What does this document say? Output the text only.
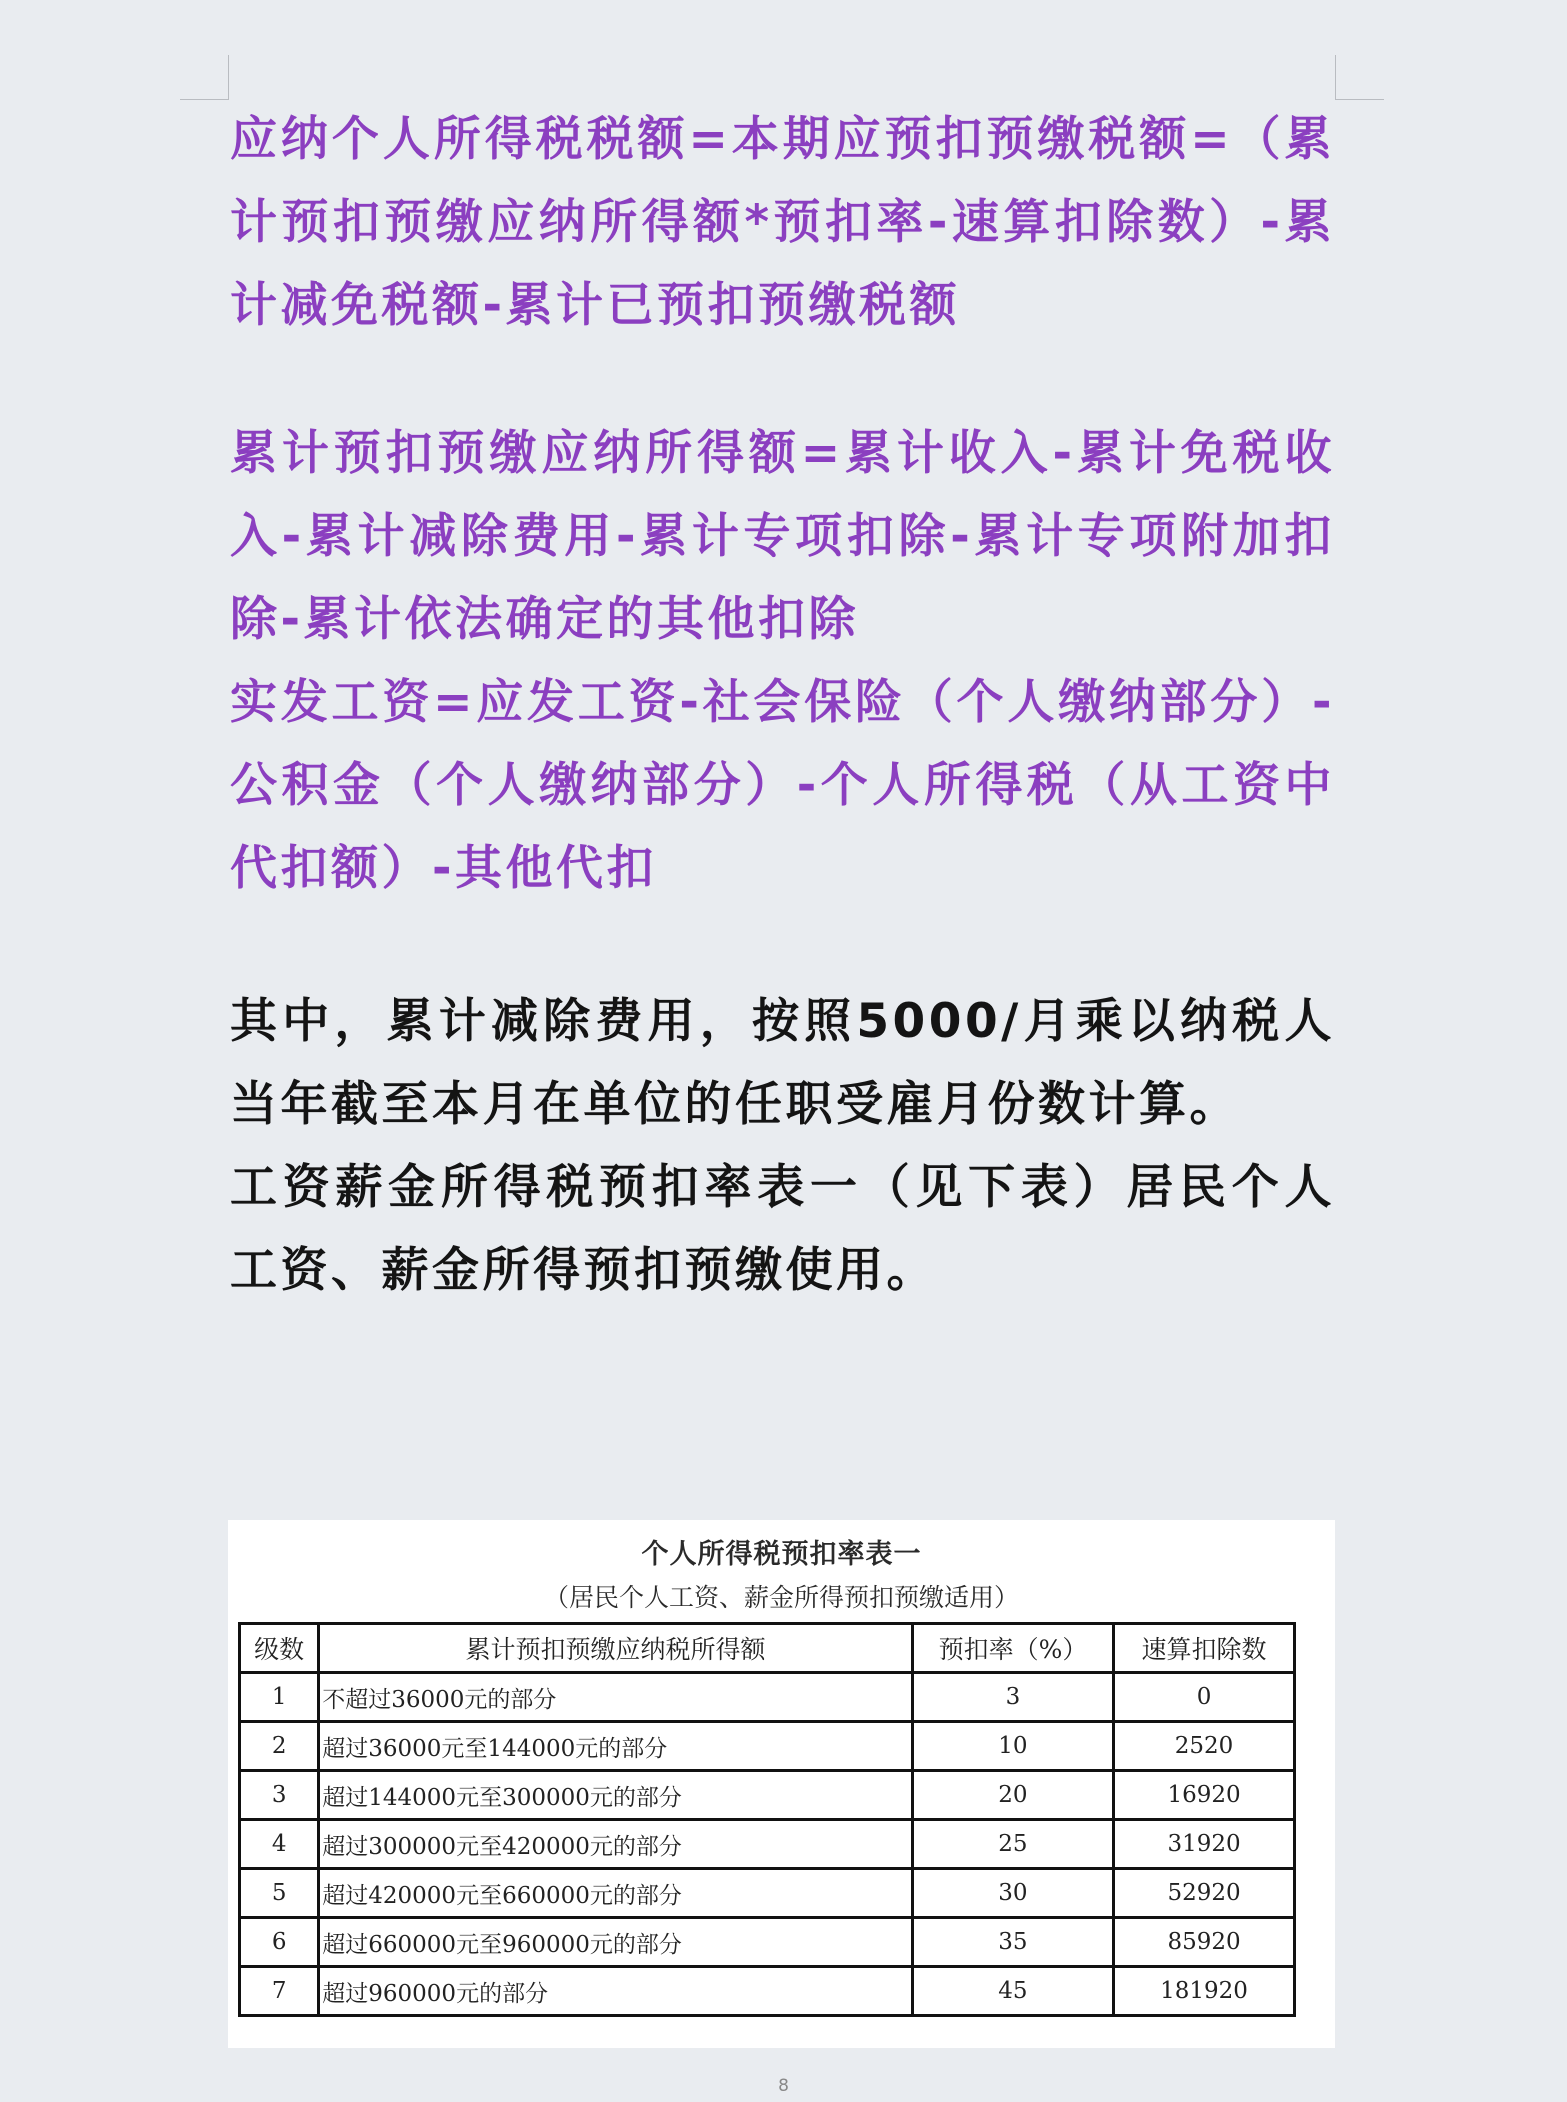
应纳个人所得税税额=本期应预扣预缴税额=（累计预扣预缴应纳所得额*预扣率-速算扣除数）-累计减免税额-累计已预扣预缴税额

累计预扣预缴应纳所得额=累计收入-累计免税收入-累计减除费用-累计专项扣除-累计专项附加扣除-累计依法确定的其他扣除

实发工资=应发工资-社会保险（个人缴纳部分）-公积金（个人缴纳部分）-个人所得税（从工资中代扣额）-其他代扣

其中，累计减除费用，按照5000/月乘以纳税人当年截至本月在单位的任职受雇月份数计算。

工资薪金所得税预扣率表一（见下表）居民个人工资、薪金所得预扣预缴使用。

个人所得税预扣率表一
（居民个人工资、薪金所得预扣预缴适用）
级数	累计预扣预缴应纳税所得额	预扣率（%）	速算扣除数
1	不超过36000元的部分	3	0
2	超过36000元至144000元的部分	10	2520
3	超过144000元至300000元的部分	20	16920
4	超过300000元至420000元的部分	25	31920
5	超过420000元至660000元的部分	30	52920
6	超过660000元至960000元的部分	35	85920
7	超过960000元的部分	45	181920
8
